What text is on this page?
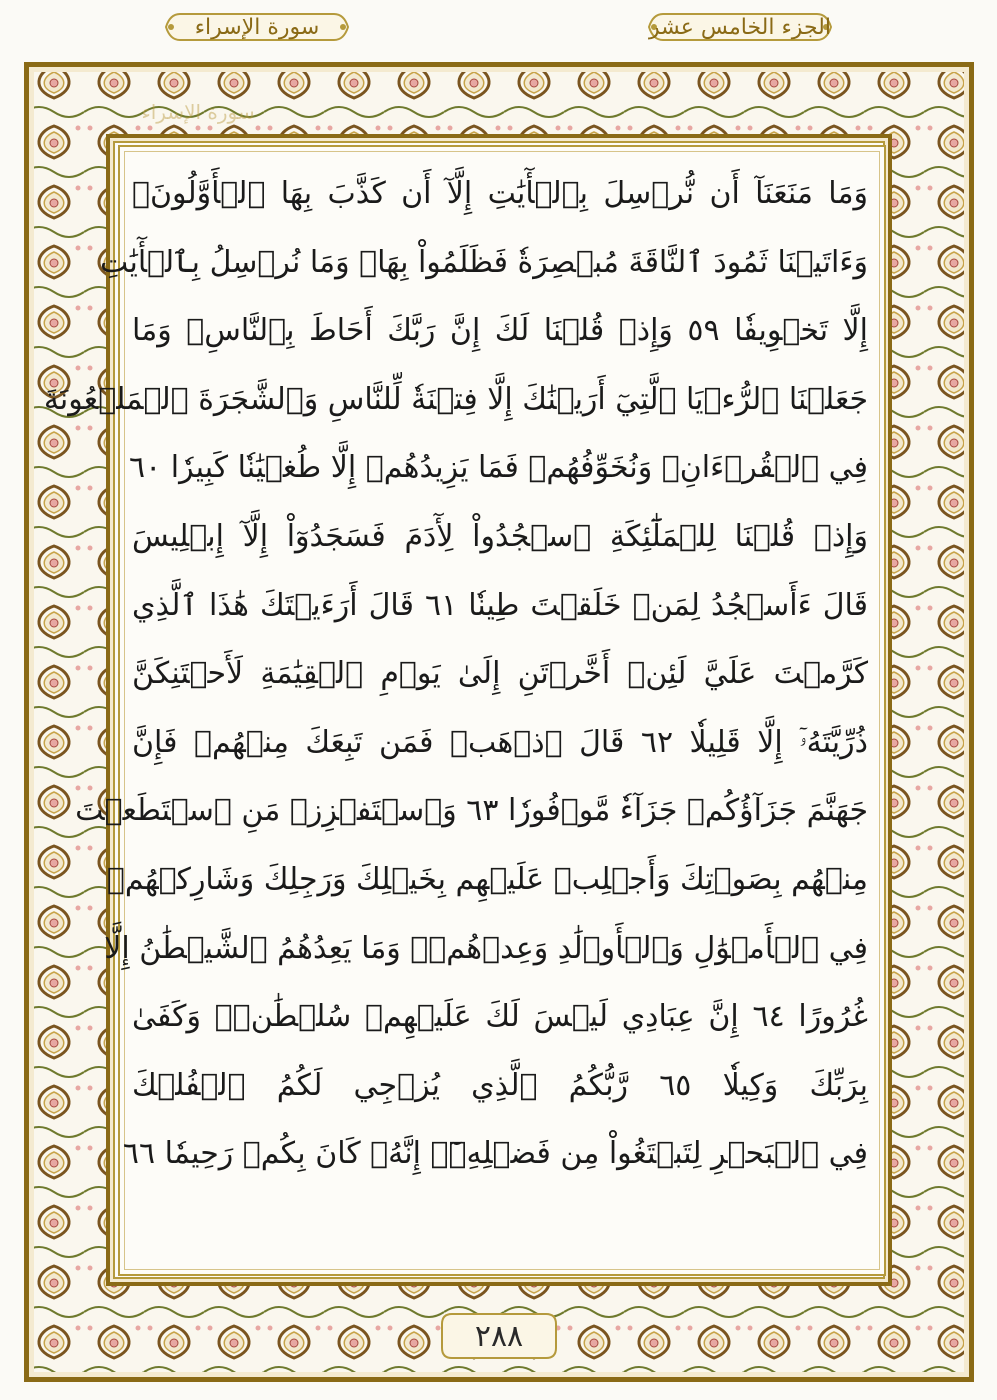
الجزء الخامس عشر
سورة الإسراء
سورة الإسراء
وَمَا مَنَعَنَآ أَن نُّرۡسِلَ بِٱلۡأٓيَٰتِ إِلَّآ أَن كَذَّبَ بِهَا ٱلۡأَوَّلُونَۚ
وَءَاتَيۡنَا ثَمُودَ ٱلنَّاقَةَ مُبۡصِرَةٗ فَظَلَمُواْ بِهَاۚ وَمَا نُرۡسِلُ بِٱلۡأٓيَٰتِ
إِلَّا تَخۡوِيفٗا ٥٩ وَإِذۡ قُلۡنَا لَكَ إِنَّ رَبَّكَ أَحَاطَ بِٱلنَّاسِۚ وَمَا
جَعَلۡنَا ٱلرُّءۡيَا ٱلَّتِيٓ أَرَيۡنَٰكَ إِلَّا فِتۡنَةٗ لِّلنَّاسِ وَٱلشَّجَرَةَ ٱلۡمَلۡعُونَةَ
فِي ٱلۡقُرۡءَانِۚ وَنُخَوِّفُهُمۡ فَمَا يَزِيدُهُمۡ إِلَّا طُغۡيَٰنٗا كَبِيرٗا ٦٠
وَإِذۡ قُلۡنَا لِلۡمَلَٰٓئِكَةِ ٱسۡجُدُواْ لِأٓدَمَ فَسَجَدُوٓاْ إِلَّآ إِبۡلِيسَ
قَالَ ءَأَسۡجُدُ لِمَنۡ خَلَقۡتَ طِينٗا ٦١ قَالَ أَرَءَيۡتَكَ هَٰذَا ٱلَّذِي
كَرَّمۡتَ عَلَيَّ لَئِنۡ أَخَّرۡتَنِ إِلَىٰ يَوۡمِ ٱلۡقِيَٰمَةِ لَأَحۡتَنِكَنَّ
ذُرِّيَّتَهُۥٓ إِلَّا قَلِيلٗا ٦٢ قَالَ ٱذۡهَبۡ فَمَن تَبِعَكَ مِنۡهُمۡ فَإِنَّ
جَهَنَّمَ جَزَآؤُكُمۡ جَزَآءٗ مَّوۡفُورٗا ٦٣ وَٱسۡتَفۡزِزۡ مَنِ ٱسۡتَطَعۡتَ
مِنۡهُم بِصَوۡتِكَ وَأَجۡلِبۡ عَلَيۡهِم بِخَيۡلِكَ وَرَجِلِكَ وَشَارِكۡهُمۡ
فِي ٱلۡأَمۡوَٰلِ وَٱلۡأَوۡلَٰدِ وَعِدۡهُمۡۚ وَمَا يَعِدُهُمُ ٱلشَّيۡطَٰنُ إِلَّا
غُرُورًا ٦٤ إِنَّ عِبَادِي لَيۡسَ لَكَ عَلَيۡهِمۡ سُلۡطَٰنٞۚ وَكَفَىٰ
بِرَبِّكَ وَكِيلٗا ٦٥ رَّبُّكُمُ ٱلَّذِي يُزۡجِي لَكُمُ ٱلۡفُلۡكَ
فِي ٱلۡبَحۡرِ لِتَبۡتَغُواْ مِن فَضۡلِهِۦٓۚ إِنَّهُۥ كَانَ بِكُمۡ رَحِيمٗا ٦٦
٢٨٨
